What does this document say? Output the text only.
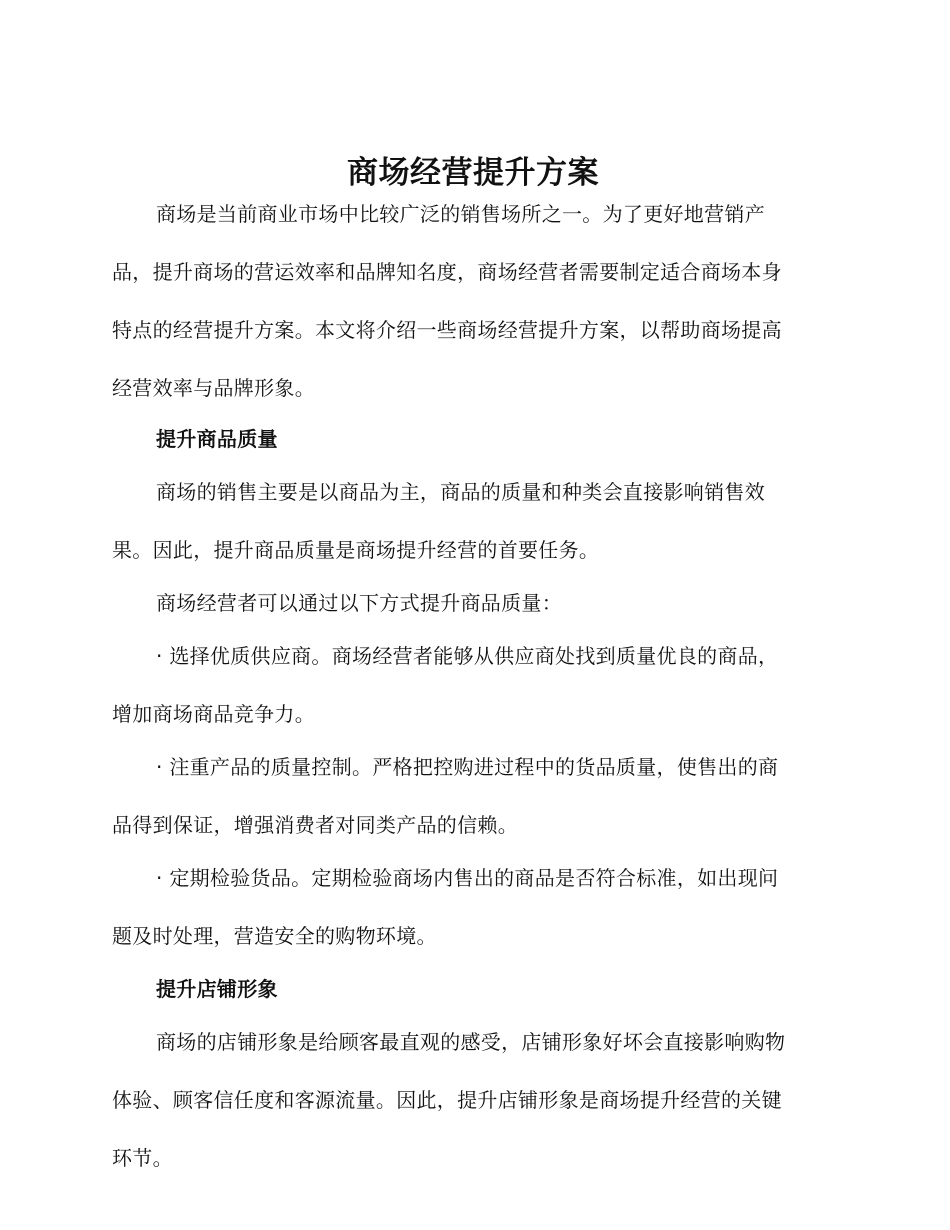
商场经营提升方案
商场是当前商业市场中比较广泛的销售场所之一。为了更好地营销产
品，提升商场的营运效率和品牌知名度，商场经营者需要制定适合商场本身
特点的经营提升方案。本文将介绍一些商场经营提升方案，以帮助商场提高
经营效率与品牌形象。
提升商品质量
商场的销售主要是以商品为主，商品的质量和种类会直接影响销售效
果。因此，提升商品质量是商场提升经营的首要任务。
商场经营者可以通过以下方式提升商品质量：
· 选择优质供应商。商场经营者能够从供应商处找到质量优良的商品，
增加商场商品竞争力。
· 注重产品的质量控制。严格把控购进过程中的货品质量，使售出的商
品得到保证，增强消费者对同类产品的信赖。
· 定期检验货品。定期检验商场内售出的商品是否符合标准，如出现问
题及时处理，营造安全的购物环境。
提升店铺形象
商场的店铺形象是给顾客最直观的感受，店铺形象好坏会直接影响购物
体验、顾客信任度和客源流量。因此，提升店铺形象是商场提升经营的关键
环节。
